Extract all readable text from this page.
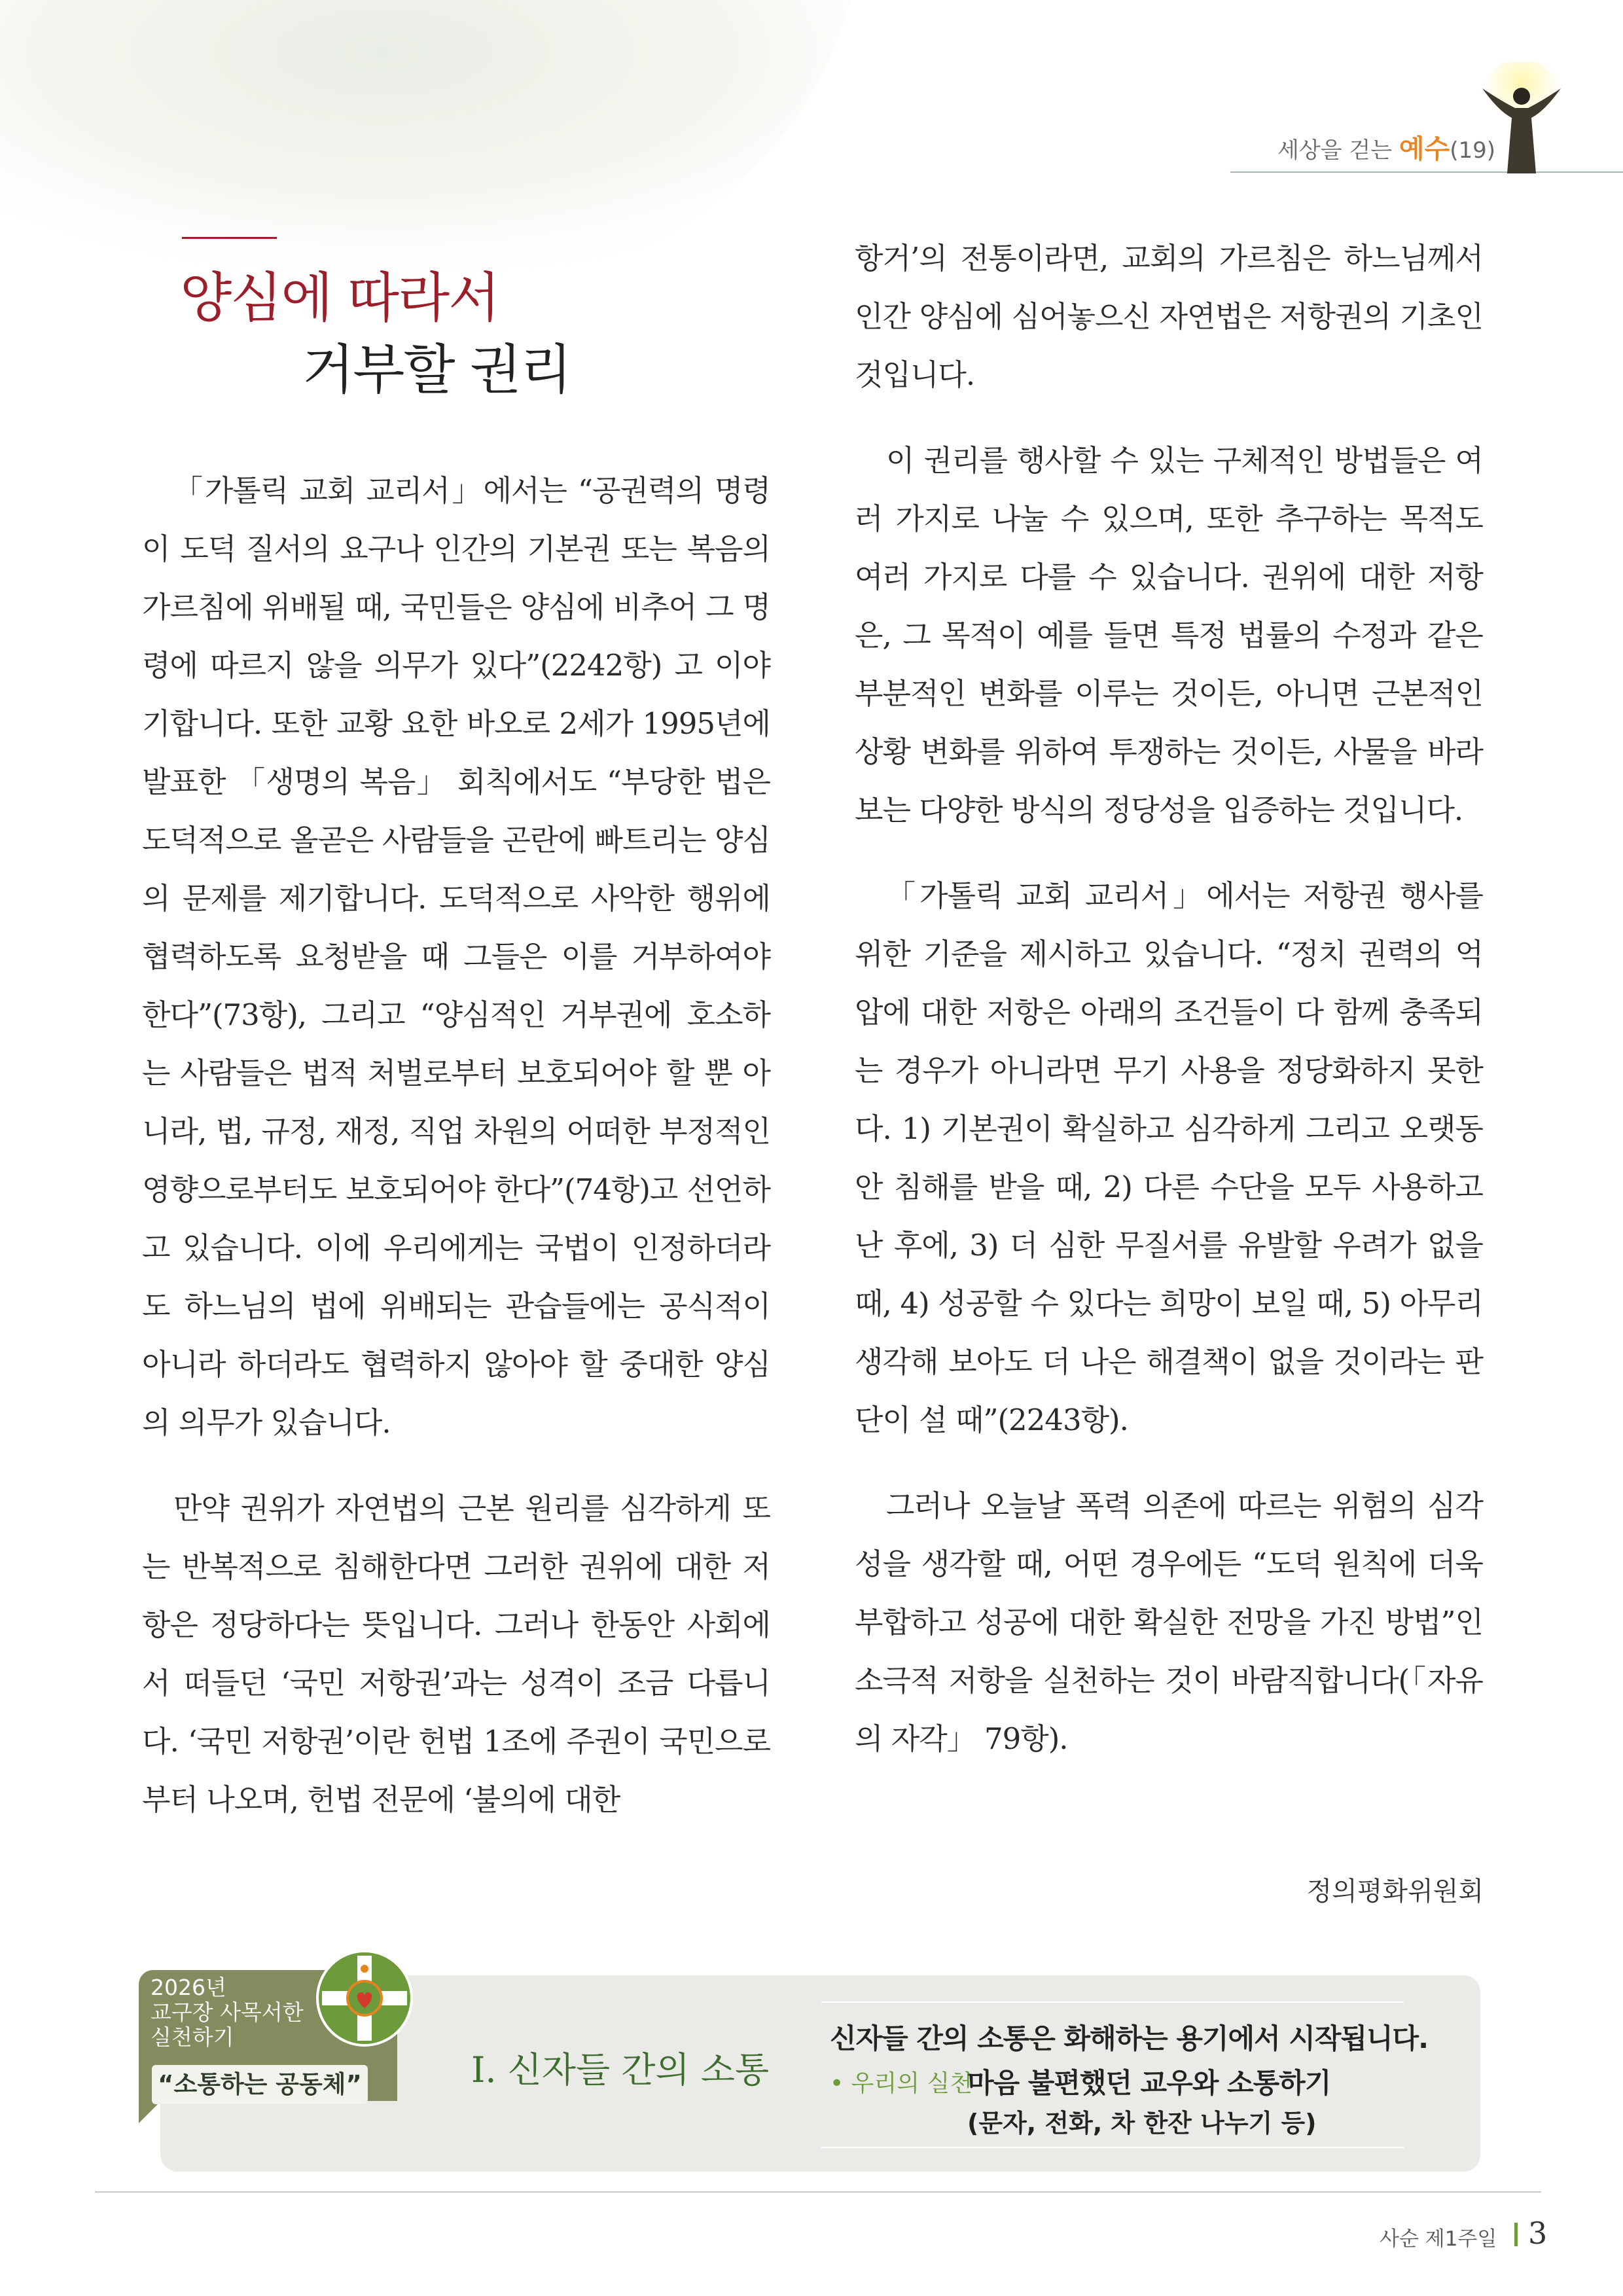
세상을 걷는 예수(19)
양심에 따라서
거부할 권리

「가톨릭 교회 교리서」에서는 “공권력의 명령이 도덕 질서의 요구나 인간의 기본권 또는 복음의 가르침에 위배될 때, 국민들은 양심에 비추어 그 명령에 따르지 않을 의무가 있다”(2242항) 고 이야기합니다. 또한 교황 요한 바오로 2세가 1995년에 발표한 「생명의 복음」 회칙에서도 “부당한 법은 도덕적으로 올곧은 사람들을 곤란에 빠트리는 양심의 문제를 제기합니다. 도덕적으로 사악한 행위에 협력하도록 요청받을 때 그들은 이를 거부하여야 한다”(73항), 그리고 “양심적인 거부권에 호소하는 사람들은 법적 처벌로부터 보호되어야 할 뿐 아니라, 법, 규정, 재정, 직업 차원의 어떠한 부정적인 영향으로부터도 보호되어야 한다”(74항)고 선언하고 있습니다. 이에 우리에게는 국법이 인정하더라도 하느님의 법에 위배되는 관습들에는 공식적이 아니라 하더라도 협력하지 않아야 할 중대한 양심의 의무가 있습니다.

만약 권위가 자연법의 근본 원리를 심각하게 또는 반복적으로 침해한다면 그러한 권위에 대한 저항은 정당하다는 뜻입니다. 그러나 한동안 사회에서 떠들던 ‘국민 저항권’과는 성격이 조금 다릅니다. ‘국민 저항권’이란 헌법 1조에 주권이 국민으로부터 나오며, 헌법 전문에 ‘불의에 대한

항거’의 전통이라면, 교회의 가르침은 하느님께서 인간 양심에 심어놓으신 자연법은 저항권의 기초인 것입니다.

이 권리를 행사할 수 있는 구체적인 방법들은 여러 가지로 나눌 수 있으며, 또한 추구하는 목적도 여러 가지로 다를 수 있습니다. 권위에 대한 저항은, 그 목적이 예를 들면 특정 법률의 수정과 같은 부분적인 변화를 이루는 것이든, 아니면 근본적인 상황 변화를 위하여 투쟁하는 것이든, 사물을 바라보는 다양한 방식의 정당성을 입증하는 것입니다.

「가톨릭 교회 교리서」에서는 저항권 행사를 위한 기준을 제시하고 있습니다. “정치 권력의 억압에 대한 저항은 아래의 조건들이 다 함께 충족되는 경우가 아니라면 무기 사용을 정당화하지 못한다. 1) 기본권이 확실하고 심각하게 그리고 오랫동안 침해를 받을 때, 2) 다른 수단을 모두 사용하고 난 후에, 3) 더 심한 무질서를 유발할 우려가 없을 때, 4) 성공할 수 있다는 희망이 보일 때, 5) 아무리 생각해 보아도 더 나은 해결책이 없을 것이라는 판단이 설 때”(2243항).

그러나 오늘날 폭력 의존에 따르는 위험의 심각성을 생각할 때, 어떤 경우에든 “도덕 원칙에 더욱 부합하고 성공에 대한 확실한 전망을 가진 방법”인 소극적 저항을 실천하는 것이 바람직합니다(「자유의 자각」 79항).

정의평화위원회
2026년
교구장 사목서한
실천하기
“소통하는 공동체”	I. 신자들 간의 소통
신자들 간의 소통은 화해하는 용기에서 시작됩니다.
• 우리의 실천
마음 불편했던 교우와 소통하기
(문자, 전화, 차 한잔 나누기 등)
사순 제1주일 3
